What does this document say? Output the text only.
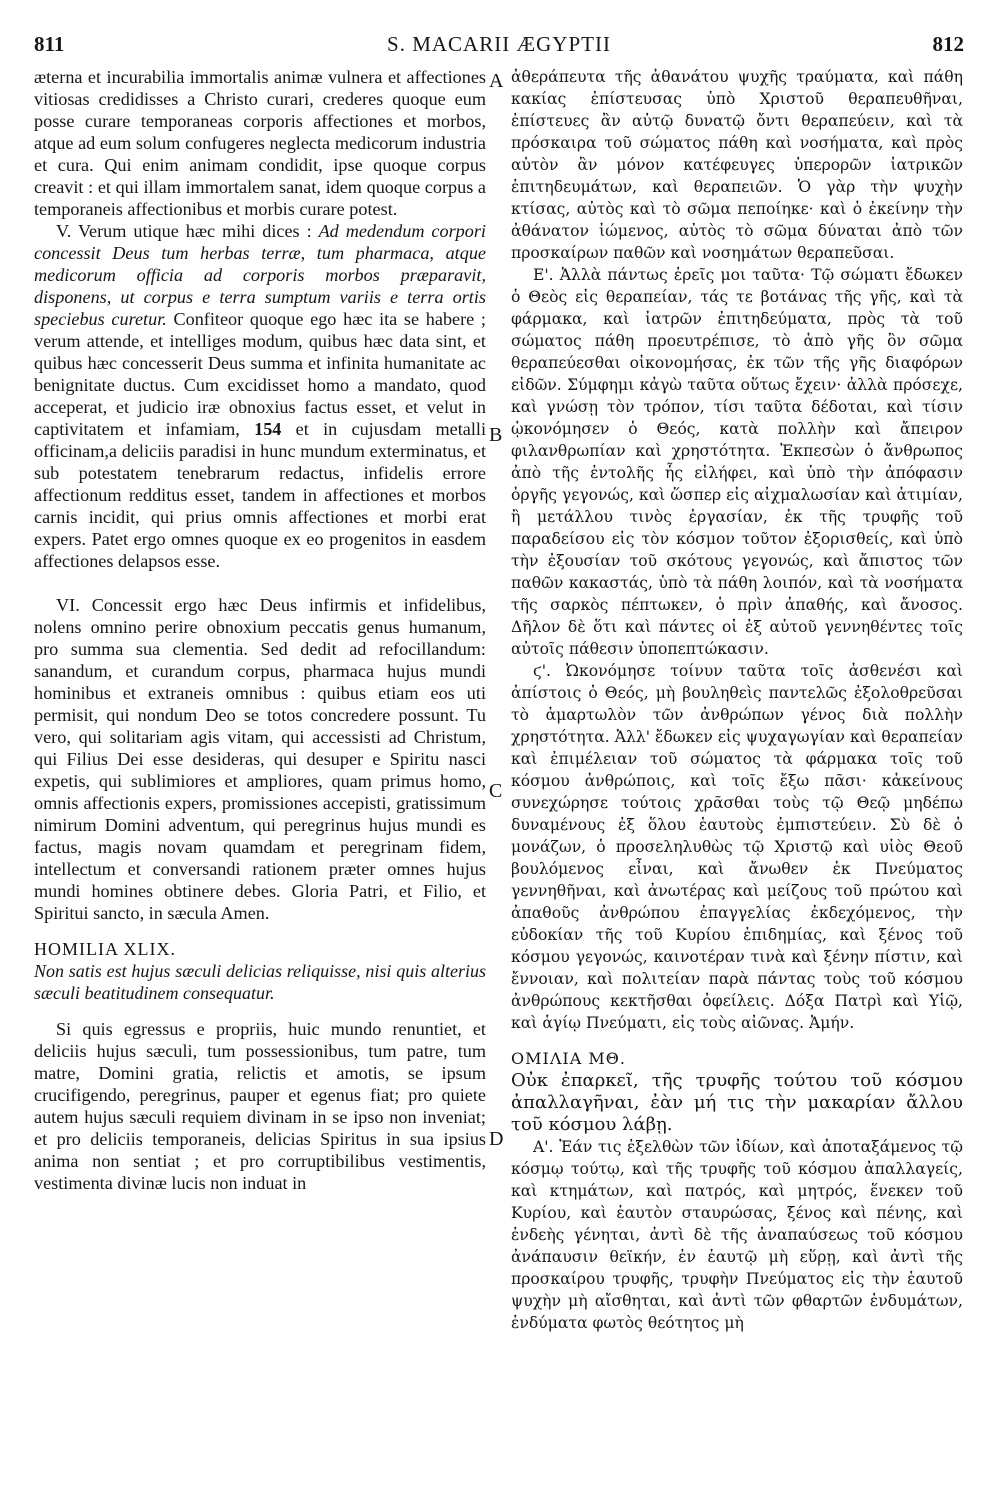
811	S. MACARII ÆGYPTII	812
A
B
C
D

æterna et incurabilia immortalis animæ vulnera et affectiones vitiosas credidisses a Christo curari, crederes quoque eum posse curare temporaneas corporis affectiones et morbos, atque ad eum solum confugeres neglecta medicorum industria et cura. Qui enim animam condidit, ipse quoque corpus creavit : et qui illam immortalem sanat, idem quoque corpus a temporaneis affectionibus et morbis curare potest.

V. Verum utique hæc mihi dices : Ad medendum corpori concessit Deus tum herbas terræ, tum pharmaca, atque medicorum officia ad corporis morbos præparavit, disponens, ut corpus e terra sumptum variis e terra ortis speciebus curetur. Confiteor quoque ego hæc ita se habere ; verum attende, et intelliges modum, quibus hæc data sint, et quibus hæc concesserit Deus summa et infinita humanitate ac benignitate ductus. Cum excidisset homo a mandato, quod acceperat, et judicio iræ obnoxius factus esset, et velut in captivitatem et infamiam, 154 et in cujusdam metalli officinam,a deliciis paradisi in hunc mundum exterminatus, et sub potestatem tenebrarum redactus, infidelis errore affectionum redditus esset, tandem in affectiones et morbos carnis incidit, qui prius omnis affectiones et morbi erat expers. Patet ergo omnes quoque ex eo progenitos in easdem affectiones delapsos esse.

VI. Concessit ergo hæc Deus infirmis et infidelibus, nolens omnino perire obnoxium peccatis genus humanum, pro summa sua clementia. Sed dedit ad refocillandum: sanandum, et curandum corpus, pharmaca hujus mundi hominibus et extraneis omnibus : quibus etiam eos uti permisit, qui nondum Deo se totos concredere possunt. Tu vero, qui solitariam agis vitam, qui accessisti ad Christum, qui Filius Dei esse desideras, qui desuper e Spiritu nasci expetis, qui sublimiores et ampliores, quam primus homo, omnis affectionis expers, promissiones accepisti, gratissimum nimirum Domini adventum, qui peregrinus hujus mundi es factus, magis novam quamdam et peregrinam fidem, intellectum et conversandi rationem præter omnes hujus mundi homines obtinere debes. Gloria Patri, et Filio, et Spiritui sancto, in sæcula Amen.

HOMILIA XLIX.

Non satis est hujus sæculi delicias reliquisse, nisi quis alterius sæculi beatitudinem consequatur.

Si quis egressus e propriis, huic mundo renuntiet, et deliciis hujus sæculi, tum possessionibus, tum patre, tum matre, Domini gratia, relictis et amotis, se ipsum crucifigendo, peregrinus, pauper et egenus fiat; pro quiete autem hujus sæculi requiem divinam in se ipso non inveniat; et pro deliciis temporaneis, delicias Spiritus in sua ipsius anima non sentiat ; et pro corruptibilibus vestimentis, vestimenta divinæ lucis non induat in

ἀθεράπευτα τῆς ἀθανάτου ψυχῆς τραύματα, καὶ πάθη κακίας ἐπίστευσας ὑπὸ Χριστοῦ θεραπευθῆναι, ἐπίστευες ἂν αὐτῷ δυνατῷ ὄντι θεραπεύειν, καὶ τὰ πρόσκαιρα τοῦ σώματος πάθη καὶ νοσήματα, καὶ πρὸς αὐτὸν ἂν μόνον κατέφευγες ὑπερορῶν ἰατρικῶν ἐπιτηδευμάτων, καὶ θεραπειῶν. Ὁ γὰρ τὴν ψυχὴν κτίσας, αὐτὸς καὶ τὸ σῶμα πεποίηκε· καὶ ὁ ἐκείνην τὴν ἀθάνατον ἰώμενος, αὐτὸς τὸ σῶμα δύναται ἀπὸ τῶν προσκαίρων παθῶν καὶ νοσημάτων θεραπεῦσαι.

Ε'. Ἀλλὰ πάντως ἐρεῖς μοι ταῦτα· Τῷ σώματι ἔδωκεν ὁ Θεὸς εἰς θεραπείαν, τάς τε βοτάνας τῆς γῆς, καὶ τὰ φάρμακα, καὶ ἰατρῶν ἐπιτηδεύματα, πρὸς τὰ τοῦ σώματος πάθη προευτρέπισε, τὸ ἀπὸ γῆς ὂν σῶμα θεραπεύεσθαι οἰκονομήσας, ἐκ τῶν τῆς γῆς διαφόρων εἰδῶν. Σύμφημι κἀγὼ ταῦτα οὕτως ἔχειν· ἀλλὰ πρόσεχε, καὶ γνώσῃ τὸν τρόπον, τίσι ταῦτα δέδοται, καὶ τίσιν ᾠκονόμησεν ὁ Θεός, κατὰ πολλὴν καὶ ἄπειρον φιλανθρωπίαν καὶ χρηστότητα. Ἐκπεσὼν ὁ ἄνθρωπος ἀπὸ τῆς ἐντολῆς ἧς εἰλήφει, καὶ ὑπὸ τὴν ἀπόφασιν ὀργῆς γεγονώς, καὶ ὥσπερ εἰς αἰχμαλωσίαν καὶ ἀτιμίαν, ἢ μετάλλου τινὸς ἐργασίαν, ἐκ τῆς τρυφῆς τοῦ παραδείσου εἰς τὸν κόσμον τοῦτον ἐξορισθείς, καὶ ὑπὸ τὴν ἐξουσίαν τοῦ σκότους γεγονώς, καὶ ἄπιστος τῶν παθῶν κακαστάς, ὑπὸ τὰ πάθη λοιπόν, καὶ τὰ νοσήματα τῆς σαρκὸς πέπτωκεν, ὁ πρὶν ἀπαθής, καὶ ἄνοσος. Δῆλον δὲ ὅτι καὶ πάντες οἱ ἐξ αὐτοῦ γεννηθέντες τοῖς αὐτοῖς πάθεσιν ὑποπεπτώκασιν.

ϛ'. Ὠκονόμησε τοίνυν ταῦτα τοῖς ἀσθενέσι καὶ ἀπίστοις ὁ Θεός, μὴ βουληθεὶς παντελῶς ἐξολοθρεῦσαι τὸ ἁμαρτωλὸν τῶν ἀνθρώπων γένος διὰ πολλὴν χρηστότητα. Ἀλλ' ἔδωκεν εἰς ψυχαγωγίαν καὶ θεραπείαν καὶ ἐπιμέλειαν τοῦ σώματος τὰ φάρμακα τοῖς τοῦ κόσμου ἀνθρώποις, καὶ τοῖς ἔξω πᾶσι· κἀκείνους συνεχώρησε τούτοις χρᾶσθαι τοὺς τῷ Θεῷ μηδέπω δυναμένους ἐξ ὅλου ἑαυτοὺς ἐμπιστεύειν. Σὺ δὲ ὁ μονάζων, ὁ προσεληλυθὼς τῷ Χριστῷ καὶ υἱὸς Θεοῦ βουλόμενος εἶναι, καὶ ἄνωθεν ἐκ Πνεύματος γεννηθῆναι, καὶ ἀνωτέρας καὶ μείζους τοῦ πρώτου καὶ ἀπαθοῦς ἀνθρώπου ἐπαγγελίας ἐκδεχόμενος, τὴν εὐδοκίαν τῆς τοῦ Κυρίου ἐπιδημίας, καὶ ξένος τοῦ κόσμου γεγονώς, καινοτέραν τινὰ καὶ ξένην πίστιν, καὶ ἔννοιαν, καὶ πολιτείαν παρὰ πάντας τοὺς τοῦ κόσμου ἀνθρώπους κεκτῆσθαι ὀφείλεις. Δόξα Πατρὶ καὶ Υἱῷ, καὶ ἁγίῳ Πνεύματι, εἰς τοὺς αἰῶνας. Ἀμήν.

ΟΜΙΛΙΑ ΜΘ.

Οὐκ ἐπαρκεῖ, τῆς τρυφῆς τούτου τοῦ κόσμου ἀπαλλαγῆναι, ἐὰν μή τις τὴν μακαρίαν ἄλλου τοῦ κόσμου λάβῃ.

Α'. Ἐάν τις ἐξελθὼν τῶν ἰδίων, καὶ ἀποταξάμενος τῷ κόσμῳ τούτῳ, καὶ τῆς τρυφῆς τοῦ κόσμου ἀπαλλαγείς, καὶ κτημάτων, καὶ πατρός, καὶ μητρός, ἕνεκεν τοῦ Κυρίου, καὶ ἑαυτὸν σταυρώσας, ξένος καὶ πένης, καὶ ἐνδεὴς γένηται, ἀντὶ δὲ τῆς ἀναπαύσεως τοῦ κόσμου ἀνάπαυσιν θεϊκήν, ἐν ἑαυτῷ μὴ εὕρῃ, καὶ ἀντὶ τῆς προσκαίρου τρυφῆς, τρυφὴν Πνεύματος εἰς τὴν ἑαυτοῦ ψυχὴν μὴ αἴσθηται, καὶ ἀντὶ τῶν φθαρτῶν ἐνδυμάτων, ἐνδύματα φωτὸς θεότητος μὴ
